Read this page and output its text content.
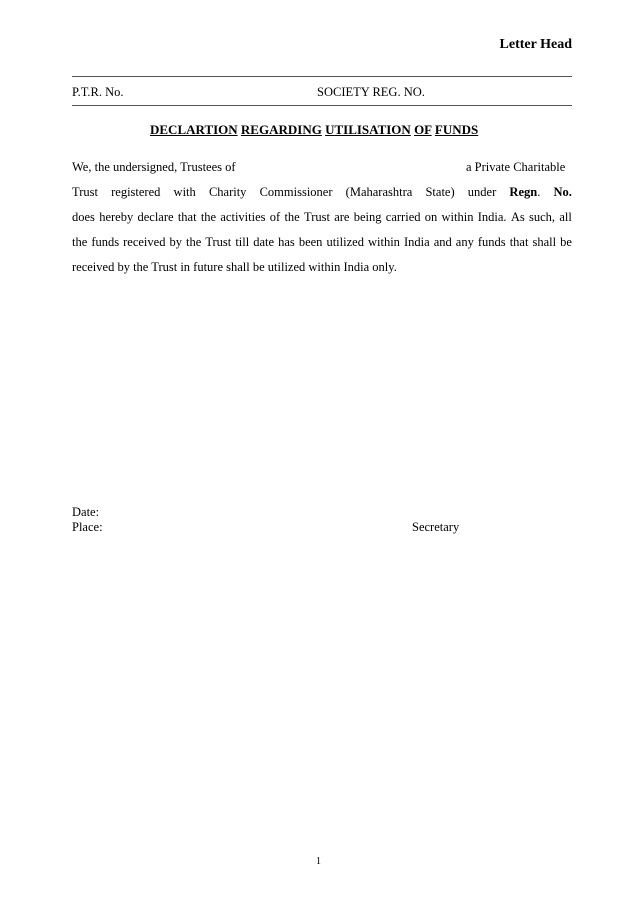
Letter Head
P.T.R. No.	SOCIETY REG. NO.
DECLARTION REGARDING UTILISATION OF FUNDS
We, the undersigned, Trustees of	a Private Charitable
Trust registered with Charity Commissioner (Maharashtra State) under Regn. No.
does hereby declare that the activities of the Trust are being carried on within India. As such, all
the funds received by the Trust till date has been utilized within India and any funds that shall be
received by the Trust in future shall be utilized within India only.
Date:
Place:	Secretary
1
